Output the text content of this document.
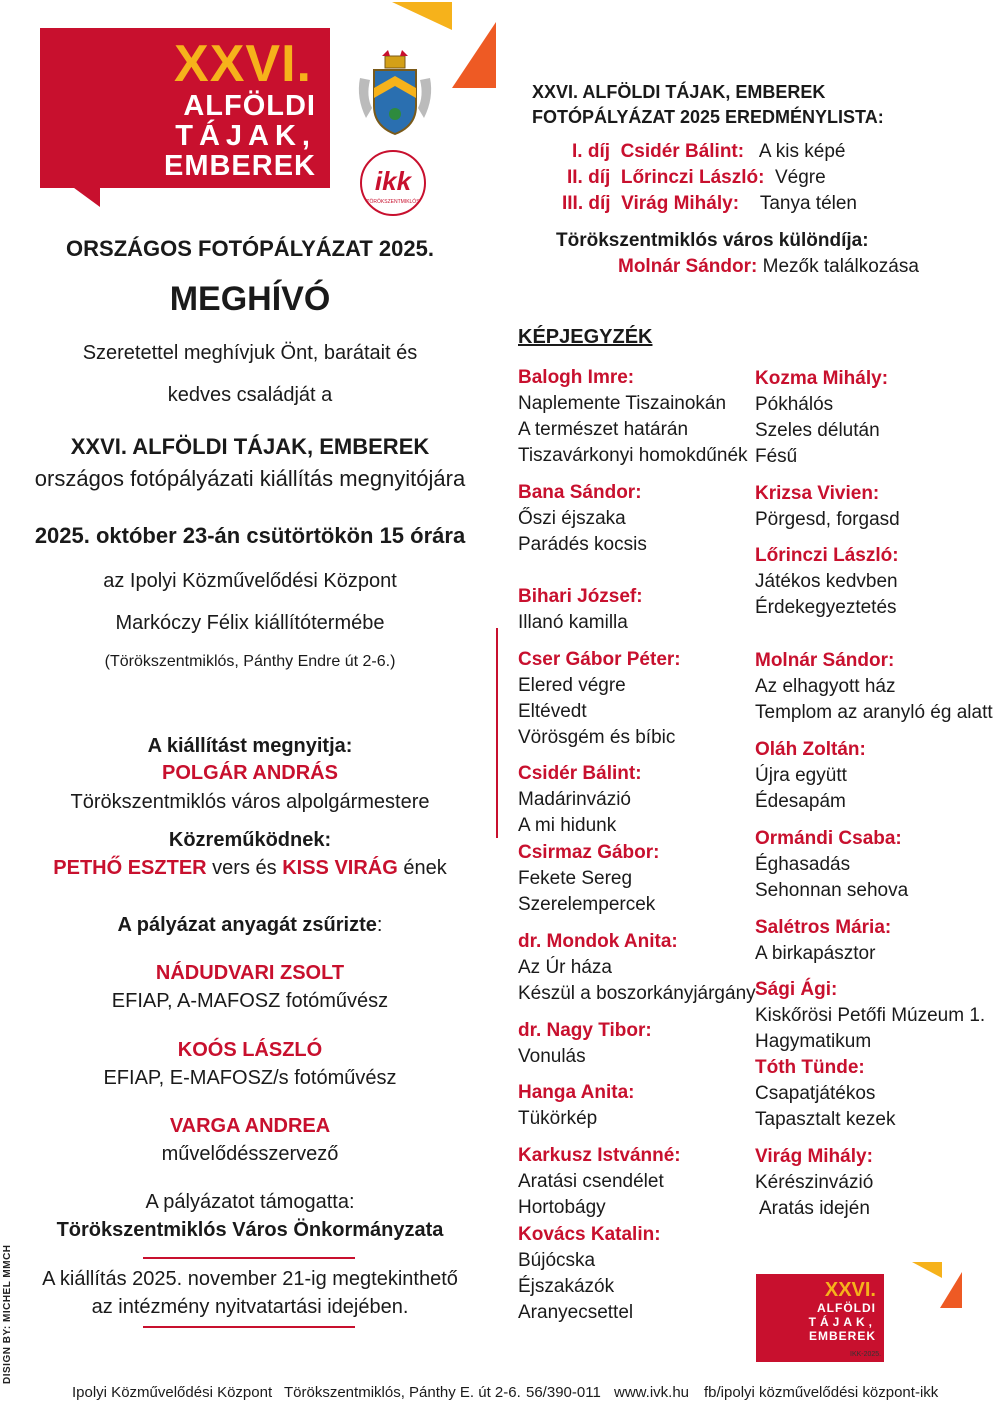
XXVI.
ALFÖLDI
TÁJAK,
EMBEREK	ikk
TÖRÖKSZENTMIKLÓS
ORSZÁGOS FOTÓPÁLYÁZAT 2025.
MEGHÍVÓ
Szeretettel meghívjuk Önt, barátait és
kedves családját a
XXVI. ALFÖLDI TÁJAK, EMBEREK
országos fotópályázati kiállítás megnyitójára
2025. október 23-án csütörtökön 15 órára
az Ipolyi Közművelődési Központ
Markóczy Félix kiállítótermébe
(Törökszentmiklós, Pánthy Endre út 2-6.)
A kiállítást megnyitja:
POLGÁR ANDRÁS
Törökszentmiklós város alpolgármestere
Közreműködnek:
PETHŐ ESZTER vers és KISS VIRÁG ének
A pályázat anyagát zsűrizte:
NÁDUDVARI ZSOLT
EFIAP, A-MAFOSZ fotóművész
KOÓS LÁSZLÓ
EFIAP, E-MAFOSZ/s fotóművész
VARGA ANDREA
művelődésszervező
A pályázatot támogatta:
Törökszentmiklós Város Önkormányzata
A kiállítás 2025. november 21-ig megtekinthető
az intézmény nyitvatartási idejében.
XXVI. ALFÖLDI TÁJAK, EMBEREK
FOTÓPÁLYÁZAT 2025 EREDMÉNYLISTA:
I. díj Csidér Bálint: A kis képé
II. díj Lőrinczi László: Végre
III. díj Virág Mihály: Tanya télen
Törökszentmiklós város különdíja:
Molnár Sándor: Mezők találkozása
KÉPJEGYZÉK
Balogh Imre:
Naplemente Tiszainokán
A természet határán
Tiszavárkonyi homokdűnék
Bana Sándor:
Őszi éjszaka
Parádés kocsis
Bihari József:
Illanó kamilla
Cser Gábor Péter:
Elered végre
Eltévedt
Vörösgém és bíbic
Csidér Bálint:
Madárinvázió
A mi hidunk
Csirmaz Gábor:
Fekete Sereg
Szerelempercek
dr. Mondok Anita:
Az Úr háza
Készül a boszorkányjárgány
dr. Nagy Tibor:
Vonulás
Hanga Anita:
Tükörkép
Karkusz Istvánné:
Aratási csendélet
Hortobágy
Kovács Katalin:
Bújócska
Éjszakázók
Aranyecsettel
Kozma Mihály:
Pókhálós
Szeles délután
Fésű
Krizsa Vivien:
Pörgesd, forgasd
Lőrinczi László:
Játékos kedvben
Érdekegyeztetés
Molnár Sándor:
Az elhagyott ház
Templom az aranyló ég alatt
Oláh Zoltán:
Újra együtt
Édesapám
Ormándi Csaba:
Éghasadás
Sehonnan sehova
Salétros Mária:
A birkapásztor
Sági Ági:
Kiskőrösi Petőfi Múzeum 1.
Hagymatikum
Tóth Tünde:
Csapatjátékos
Tapasztalt kezek
Virág Mihály:
Kérészinvázió
Aratás idején
XXVI.
ALFÖLDI
TÁJAK,
EMBEREK
IKK-2025.
DISIGN BY: MICHEL MMCH
Ipolyi Közművelődési Központ Törökszentmiklós, Pánthy E. út 2-6. 56/390-011 www.ivk.hu fb/ipolyi közművelődési központ-ikk
